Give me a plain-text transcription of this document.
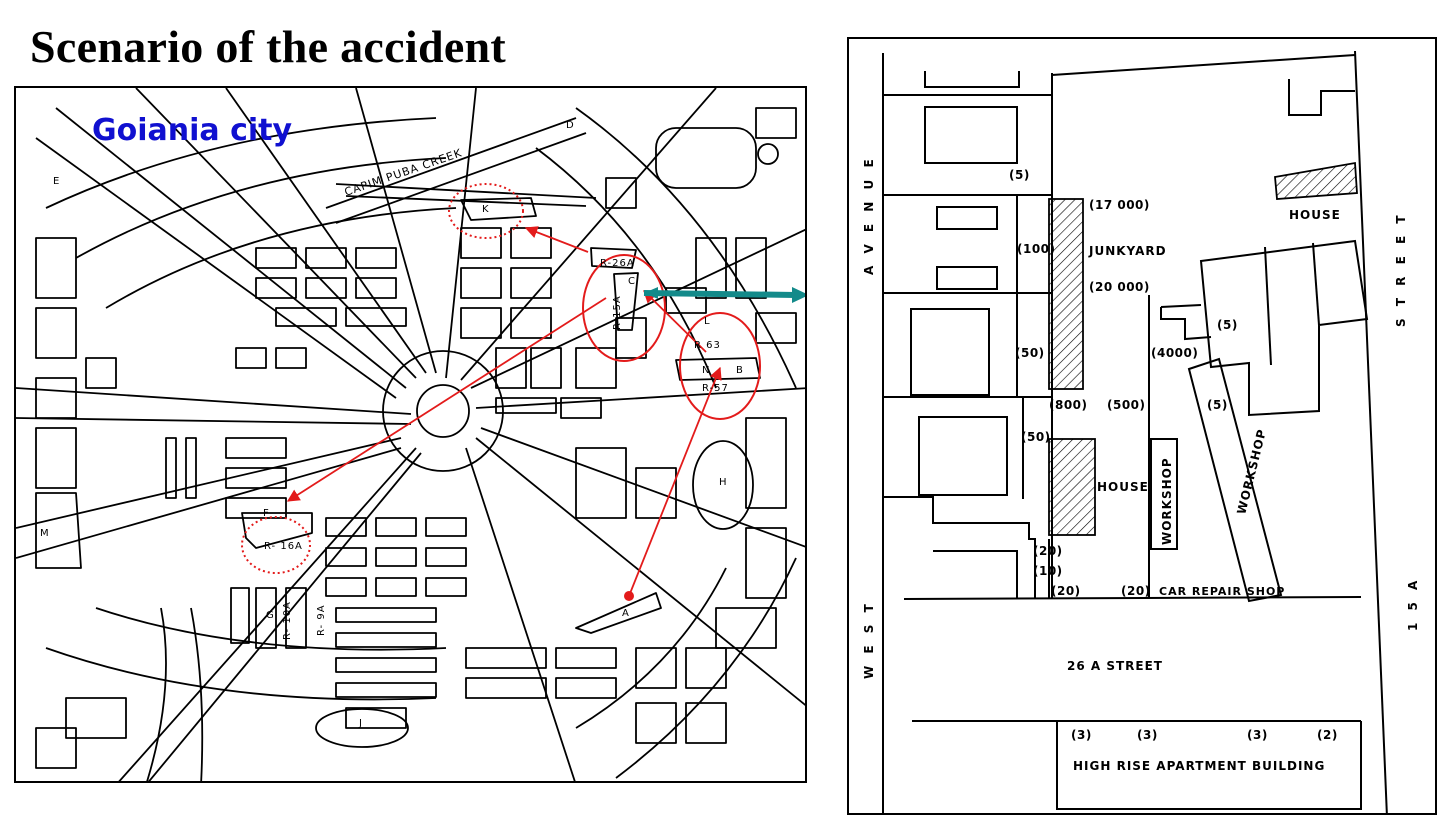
Scenario of the accident
Goiania city
CAPIM PUBA CREEK
D
E
K
C
L
N	B
H
F
M
G	A
J
R-26A
R-15A
R 63
R-57
R- 16A
R- 10A R- 9A
A V E N U E
W E S T
S T R E E T
1 5 A
HOUSE
HOUSE
JUNKYARD
WORKSHOP	WORKSHOP
CAR REPAIR SHOP
26 A STREET
HIGH RISE APARTMENT BUILDING
(5)
(17 000)
(100)
(20 000)
(5)
(50)	(4000)
(800) (500)	(5)
(50)
(20)
(10)
(20)	(20)
(3)	(3)	(3)	(2)
